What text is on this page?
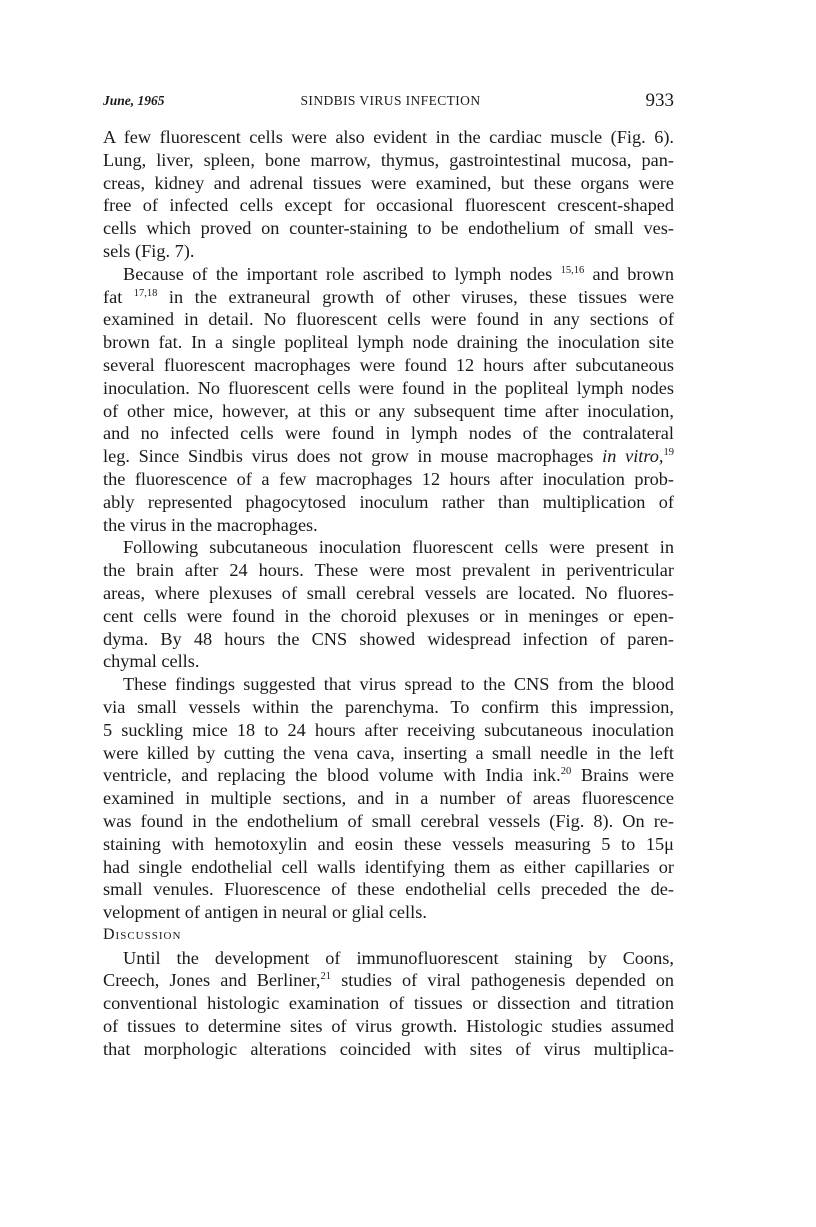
June, 1965	SINDBIS VIRUS INFECTION	933

A few fluorescent cells were also evident in the cardiac muscle (Fig. 6).

Lung, liver, spleen, bone marrow, thymus, gastrointestinal mucosa, pan-

creas, kidney and adrenal tissues were examined, but these organs were

free of infected cells except for occasional fluorescent crescent-shaped

cells which proved on counter-staining to be endothelium of small ves-

sels (Fig. 7).

Because of the important role ascribed to lymph nodes $^{15,16}$ and brown

fat $^{17,18}$ in the extraneural growth of other viruses, these tissues were

examined in detail. No fluorescent cells were found in any sections of

brown fat. In a single popliteal lymph node draining the inoculation site

several fluorescent macrophages were found 12 hours after subcutaneous

inoculation. No fluorescent cells were found in the popliteal lymph nodes

of other mice, however, at this or any subsequent time after inoculation,

and no infected cells were found in lymph nodes of the contralateral

leg. Since Sindbis virus does not grow in mouse macrophages in vitro,$^{19}$

the fluorescence of a few macrophages 12 hours after inoculation prob-

ably represented phagocytosed inoculum rather than multiplication of

the virus in the macrophages.

Following subcutaneous inoculation fluorescent cells were present in

the brain after 24 hours. These were most prevalent in periventricular

areas, where plexuses of small cerebral vessels are located. No fluores-

cent cells were found in the choroid plexuses or in meninges or epen-

dyma. By 48 hours the CNS showed widespread infection of paren-

chymal cells.

These findings suggested that virus spread to the CNS from the blood

via small vessels within the parenchyma. To confirm this impression,

5 suckling mice 18 to 24 hours after receiving subcutaneous inoculation

were killed by cutting the vena cava, inserting a small needle in the left

ventricle, and replacing the blood volume with India ink.$^{20}$ Brains were

examined in multiple sections, and in a number of areas fluorescence

was found in the endothelium of small cerebral vessels (Fig. 8). On re-

staining with hemotoxylin and eosin these vessels measuring 5 to 15μ

had single endothelial cell walls identifying them as either capillaries or

small venules. Fluorescence of these endothelial cells preceded the de-

velopment of antigen in neural or glial cells.

Discussion

Until the development of immunofluorescent staining by Coons,

Creech, Jones and Berliner,$^{21}$ studies of viral pathogenesis depended on

conventional histologic examination of tissues or dissection and titration

of tissues to determine sites of virus growth. Histologic studies assumed

that morphologic alterations coincided with sites of virus multiplica-
